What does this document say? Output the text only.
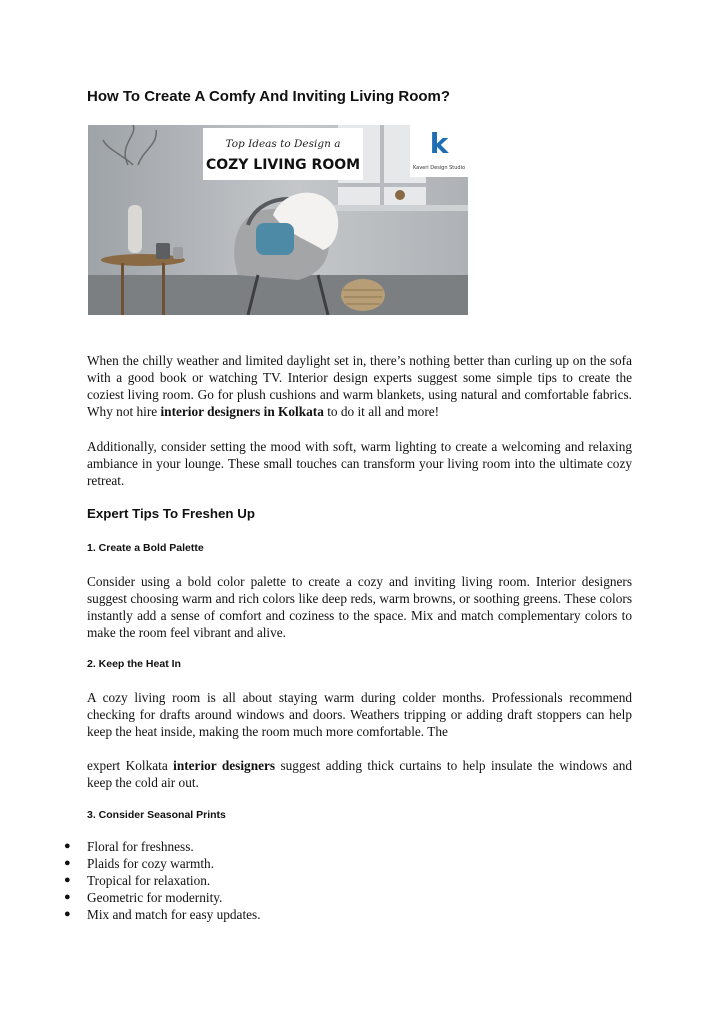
How To Create A Comfy And Inviting Living Room?
Top Ideas to Design a
COZY LIVING ROOM
k
Kaveri Design Studio
When the chilly weather and limited daylight set in, there’s nothing better than curling up on the sofa with a good book or watching TV. Interior design experts suggest some simple tips to create the coziest living room. Go for plush cushions and warm blankets, using natural and comfortable fabrics. Why not hire interior designers in Kolkata to do it all and more!
Additionally, consider setting the mood with soft, warm lighting to create a welcoming and relaxing ambiance in your lounge. These small touches can transform your living room into the ultimate cozy retreat.
Expert Tips To Freshen Up
1. Create a Bold Palette
Consider using a bold color palette to create a cozy and inviting living room. Interior designers suggest choosing warm and rich colors like deep reds, warm browns, or soothing greens. These colors instantly add a sense of comfort and coziness to the space. Mix and match complementary colors to make the room feel vibrant and alive.
2. Keep the Heat In
A cozy living room is all about staying warm during colder months. Professionals recommend checking for drafts around windows and doors. Weathers tripping or adding draft stoppers can help keep the heat inside, making the room much more comfortable. The
expert Kolkata interior designers suggest adding thick curtains to help insulate the windows and keep the cold air out.
3. Consider Seasonal Prints
● Floral for freshness.
● Plaids for cozy warmth.
● Tropical for relaxation.
● Geometric for modernity.
● Mix and match for easy updates.
